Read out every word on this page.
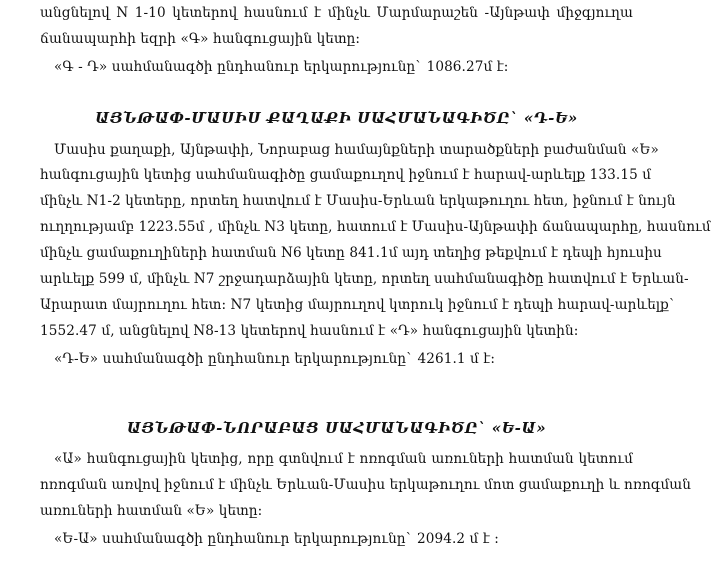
անցնելով N 1-10 կետերով հասնում է մինչև Մարմարաշեն -Այնթափ միջգյուղա
ճանապարհի եզրի «Գ» հանգուցային կետը:
«Գ - Դ» սահմանագծի ընդհանուր երկարությունը` 1086.27մ է:
ԱՅՆԹԱՓ-ՄԱՍԻՍ ՔԱՂԱՔԻ ՍԱՀՄԱՆԱԳԻԾԸ` «Դ-Ե»
Մասիս քաղաքի, Այնթափի, Նորաբաց համայնքների տարածքների բաժանման «Ե»
հանգուցային կետից սահմանագիծը ցամաքուղով իջնում է հարավ-արևելք 133.15 մ
մինչև N1-2 կետերը, որտեղ հատվում է Մասիս-Երևան երկաթուղու հետ, իջնում է նույն
ուղղությամբ 1223.55մ , մինչև N3 կետը, հատում է Մասիս-Այնթափի ճանապարհը, հասնում
մինչև ցամաքուղիների հատման N6 կետը 841.1մ այդ տեղից թեքվում է դեպի հյուսիս
արևելք 599 մ, մինչև N7 շրջադարձային կետը, որտեղ սահմանագիծը հատվում է Երևան-
Արարատ մայրուղու հետ: N7 կետից մայրուղով կտրուկ իջնում է դեպի հարավ-արևելք`
1552.47 մ, անցնելով N8-13 կետերով հասնում է «Դ» հանգուցային կետին:
«Դ-Ե» սահմանագծի ընդհանուր երկարությունը` 4261.1 մ է:
ԱՅՆԹԱՓ-ՆՈՐԱԲԱՑ ՍԱՀՄԱՆԱԳԻԾԸ` «Ե-Ա»
«Ա» հանգուցային կետից, որը գտնվում է ոռոգման առուների հատման կետում
ոռոգման առվով իջնում է մինչև Երևան-Մասիս երկաթուղու մոտ ցամաքուղի և ոռոգման
առուների հատման «Ե» կետը:
«Ե-Ա» սահմանագծի ընդհանուր երկարությունը` 2094.2 մ է :
